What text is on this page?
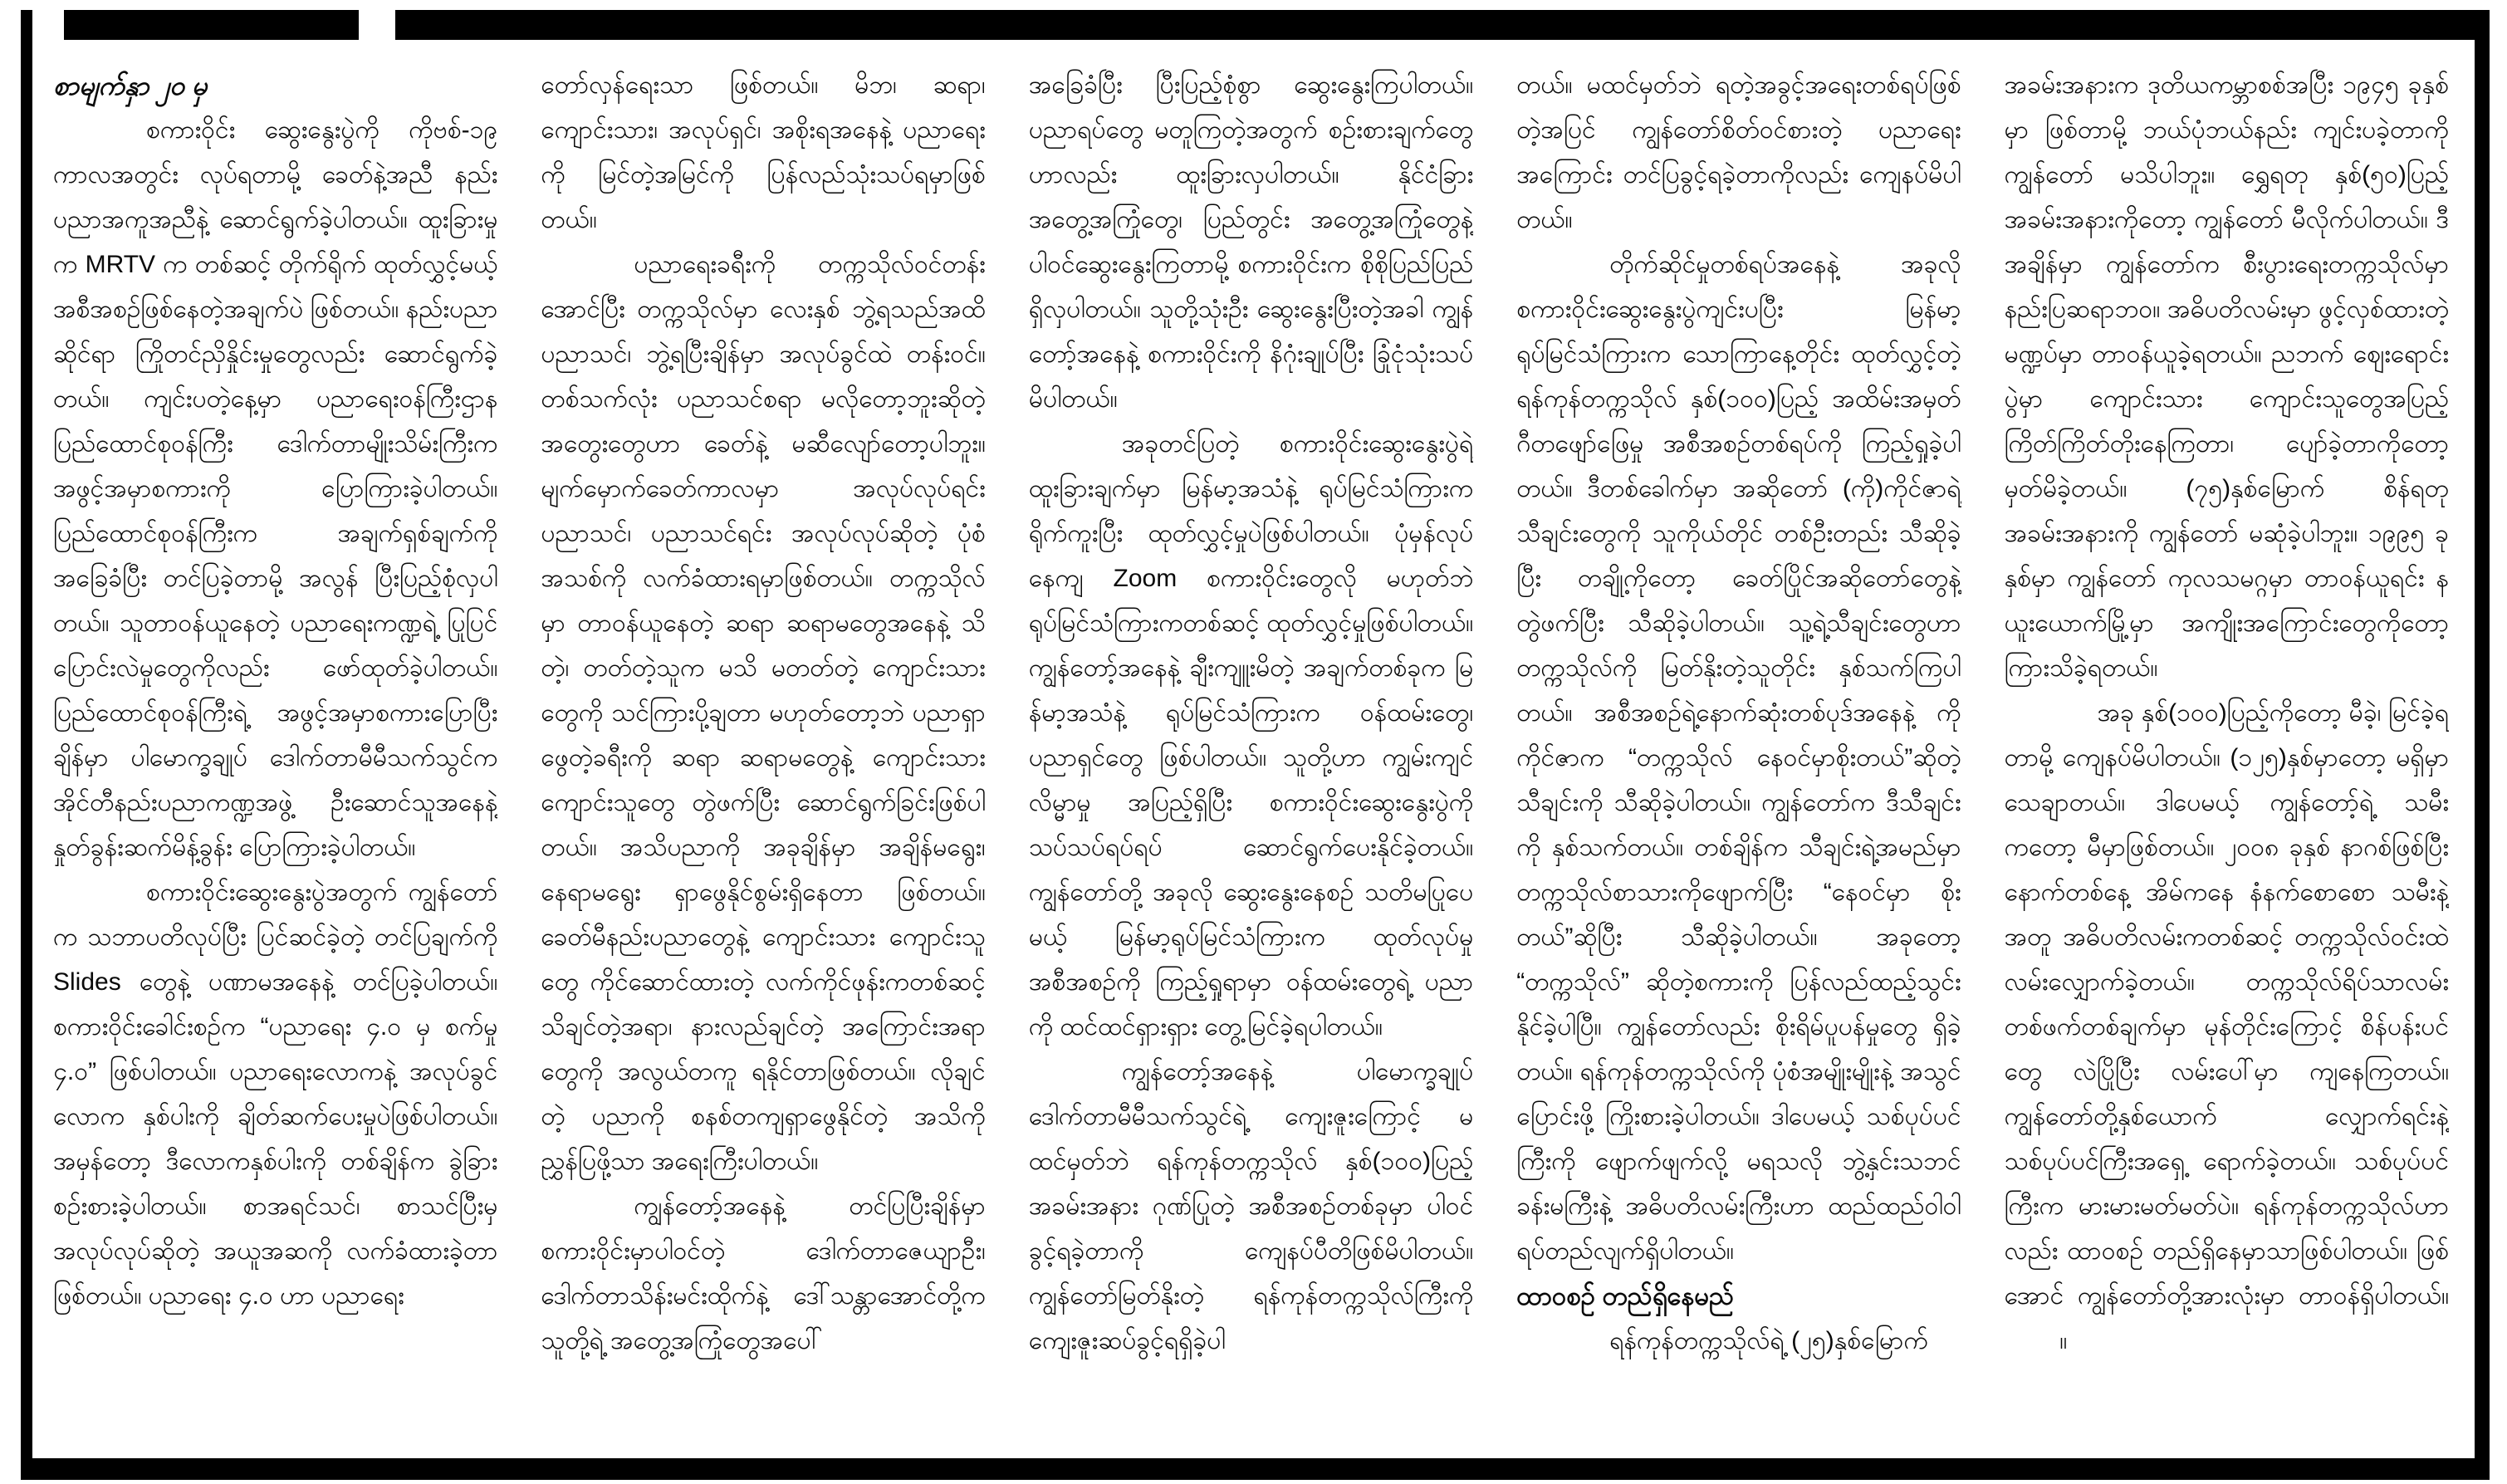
စာမျက်နှာ ၂၀ မှ

စကားဝိုင်း ဆွေးနွေးပွဲကို ကိုဗစ်-၁၉ ကာလအတွင်း လုပ်ရတာမို့ ခေတ်နဲ့အညီ နည်းပညာအကူအညီနဲ့ ဆောင်ရွက်ခဲ့ပါတယ်။ ထူးခြားမှုက MRTV က တစ်ဆင့် တိုက်ရိုက် ထုတ်လွှင့်မယ့် အစီအစဉ်ဖြစ်နေတဲ့အချက်ပဲ ဖြစ်တယ်။ နည်းပညာဆိုင်ရာ ကြိုတင်ညှိနှိုင်းမှုတွေလည်း ဆောင်ရွက်ခဲ့တယ်။ ကျင်းပတဲ့နေ့မှာ ပညာရေးဝန်ကြီးဌာန ပြည်ထောင်စုဝန်ကြီး ဒေါက်တာမျိုးသိမ်းကြီးက အဖွင့်အမှာစကားကို ပြောကြားခဲ့ပါတယ်။ ပြည်ထောင်စုဝန်ကြီးက အချက်ရှစ်ချက်ကို အခြေခံပြီး တင်ပြခဲ့တာမို့ အလွန် ပြီးပြည့်စုံလှပါတယ်။ သူတာဝန်ယူနေတဲ့ ပညာရေးကဏ္ဍရဲ့ ပြုပြင်ပြောင်းလဲမှုတွေကိုလည်း ဖော်ထုတ်ခဲ့ပါတယ်။ ပြည်ထောင်စုဝန်ကြီးရဲ့ အဖွင့်အမှာစကားပြောပြီးချိန်မှာ ပါမောက္ခချုပ် ဒေါက်တာမီမီသက်သွင်က အိုင်တီနည်းပညာကဏ္ဍအဖွဲ့ ဦးဆောင်သူအနေနဲ့ နှုတ်ခွန်းဆက်မိန့်ခွန်း ပြောကြားခဲ့ပါတယ်။

စကားဝိုင်းဆွေးနွေးပွဲအတွက် ကျွန်တော်က သဘာပတိလုပ်ပြီး ပြင်ဆင်ခဲ့တဲ့ တင်ပြချက်ကို Slides တွေနဲ့ ပဏာမအနေနဲ့ တင်ပြခဲ့ပါတယ်။ စကားဝိုင်းခေါင်းစဉ်က “ပညာရေး ၄.၀ မှ စက်မှု ၄.၀” ဖြစ်ပါတယ်။ ပညာရေးလောကနဲ့ အလုပ်ခွင်လောက နှစ်ပါးကို ချိတ်ဆက်ပေးမှုပဲဖြစ်ပါတယ်။ အမှန်တော့ ဒီလောကနှစ်ပါးကို တစ်ချိန်က ခွဲခြားစဉ်းစားခဲ့ပါတယ်။ စာအရင်သင်၊ စာသင်ပြီးမှအလုပ်လုပ်ဆိုတဲ့ အယူအဆကို လက်ခံထားခဲ့တာ ဖြစ်တယ်။ ပညာရေး ၄.၀ ဟာ ပညာရေး

တော်လှန်ရေးသာ ဖြစ်တယ်။ မိဘ၊ ဆရာ၊ ကျောင်းသား၊ အလုပ်ရှင်၊ အစိုးရအနေနဲ့ ပညာရေးကို မြင်တဲ့အမြင်ကို ပြန်လည်သုံးသပ်ရမှာဖြစ်တယ်။

ပညာရေးခရီးကို တက္ကသိုလ်ဝင်တန်းအောင်ပြီး တက္ကသိုလ်မှာ လေးနှစ် ဘွဲ့ရသည်အထိ ပညာသင်၊ ဘွဲ့ရပြီးချိန်မှာ အလုပ်ခွင်ထဲ တန်းဝင်။ တစ်သက်လုံး ပညာသင်စရာ မလိုတော့ဘူးဆိုတဲ့ အတွေးတွေဟာ ခေတ်နဲ့ မဆီလျော်တော့ပါဘူး။ မျက်မှောက်ခေတ်ကာလမှာ အလုပ်လုပ်ရင်း ပညာသင်၊ ပညာသင်ရင်း အလုပ်လုပ်ဆိုတဲ့ ပုံစံအသစ်ကို လက်ခံထားရမှာဖြစ်တယ်။ တက္ကသိုလ်မှာ တာဝန်ယူနေတဲ့ ဆရာ ဆရာမတွေအနေနဲ့ သိတဲ့၊ တတ်တဲ့သူက မသိ မတတ်တဲ့ ကျောင်းသားတွေကို သင်ကြားပို့ချတာ မဟုတ်တော့ဘဲ ပညာရှာဖွေတဲ့ခရီးကို ဆရာ ဆရာမတွေနဲ့ ကျောင်းသား ကျောင်းသူတွေ တွဲဖက်ပြီး ဆောင်ရွက်ခြင်းဖြစ်ပါတယ်။ အသိပညာကို အခုချိန်မှာ အချိန်မရွေး၊ နေရာမရွေး ရှာဖွေနိုင်စွမ်းရှိနေတာ ဖြစ်တယ်။ ခေတ်မီနည်းပညာတွေနဲ့ ကျောင်းသား ကျောင်းသူတွေ ကိုင်ဆောင်ထားတဲ့ လက်ကိုင်ဖုန်းကတစ်ဆင့် သိချင်တဲ့အရာ၊ နားလည်ချင်တဲ့ အကြောင်းအရာတွေကို အလွယ်တကူ ရနိုင်တာဖြစ်တယ်။ လိုချင်တဲ့ ပညာကို စနစ်တကျရှာဖွေနိုင်တဲ့ အသိကို ညွှန်ပြဖို့သာ အရေးကြီးပါတယ်။

ကျွန်တော့်အနေနဲ့ တင်ပြပြီးချိန်မှာ စကားဝိုင်းမှာပါဝင်တဲ့ ဒေါက်တာဇေယျာဦး၊ ဒေါက်တာသိန်းမင်းထိုက်နဲ့ ဒေါ်သန္တာအောင်တို့က သူတို့ရဲ့ အတွေ့အကြုံတွေအပေါ်

အခြေခံပြီး ပြီးပြည့်စုံစွာ ဆွေးနွေးကြပါတယ်။ ပညာရပ်တွေ မတူကြတဲ့အတွက် စဉ်းစားချက်တွေဟာလည်း ထူးခြားလှပါတယ်။ နိုင်ငံခြားအတွေ့အကြုံတွေ၊ ပြည်တွင်း အတွေ့အကြုံတွေနဲ့ ပါဝင်ဆွေးနွေးကြတာမို့ စကားဝိုင်းက စိုစိုပြည်ပြည်ရှိလှပါတယ်။ သူတို့သုံးဦး ဆွေးနွေးပြီးတဲ့အခါ ကျွန်တော့်အနေနဲ့ စကားဝိုင်းကို နိဂုံးချုပ်ပြီး ခြုံငုံသုံးသပ်မိပါတယ်။

အခုတင်ပြတဲ့ စကားဝိုင်းဆွေးနွေးပွဲရဲ့ ထူးခြားချက်မှာ မြန်မာ့အသံနဲ့ ရုပ်မြင်သံကြားက ရိုက်ကူးပြီး ထုတ်လွှင့်မှုပဲဖြစ်ပါတယ်။ ပုံမှန်လုပ်နေကျ Zoom စကားဝိုင်းတွေလို မဟုတ်ဘဲ ရုပ်မြင်သံကြားကတစ်ဆင့် ထုတ်လွှင့်မှုဖြစ်ပါတယ်။ ကျွန်တော့်အနေနဲ့ ချီးကျူးမိတဲ့ အချက်တစ်ခုက မြန်မာ့အသံနဲ့ ရုပ်မြင်သံကြားက ဝန်ထမ်းတွေ၊ ပညာရှင်တွေ ဖြစ်ပါတယ်။ သူတို့ဟာ ကျွမ်းကျင်လိမ္မာမှု အပြည့်ရှိပြီး စကားဝိုင်းဆွေးနွေးပွဲကို သပ်သပ်ရပ်ရပ် ဆောင်ရွက်ပေးနိုင်ခဲ့တယ်။ ကျွန်တော်တို့ အခုလို ဆွေးနွေးနေစဉ် သတိမပြုပေမယ့် မြန်မာ့ရုပ်မြင်သံကြားက ထုတ်လုပ်မှုအစီအစဉ်ကို ကြည့်ရှုရာမှာ ဝန်ထမ်းတွေရဲ့ ပညာကို ထင်ထင်ရှားရှား တွေ့မြင်ခဲ့ရပါတယ်။

ကျွန်တော့်အနေနဲ့ ပါမောက္ခချုပ် ဒေါက်တာမီမီသက်သွင်ရဲ့ ကျေးဇူးကြောင့် မထင်မှတ်ဘဲ ရန်ကုန်တက္ကသိုလ် နှစ်(၁၀၀)ပြည့် အခမ်းအနား ဂုဏ်ပြုတဲ့ အစီအစဉ်တစ်ခုမှာ ပါဝင်ခွင့်ရခဲ့တာကို ကျေနပ်ပီတိဖြစ်မိပါတယ်။ ကျွန်တော်မြတ်နိုးတဲ့ ရန်ကုန်တက္ကသိုလ်ကြီးကို ကျေးဇူးဆပ်ခွင့်ရရှိခဲ့ပါ

တယ်။ မထင်မှတ်ဘဲ ရတဲ့အခွင့်အရေးတစ်ရပ်ဖြစ်တဲ့အပြင် ကျွန်တော်စိတ်ဝင်စားတဲ့ ပညာရေးအကြောင်း တင်ပြခွင့်ရခဲ့တာကိုလည်း ကျေနပ်မိပါတယ်။

တိုက်ဆိုင်မှုတစ်ရပ်အနေနဲ့ အခုလို စကားဝိုင်းဆွေးနွေးပွဲကျင်းပပြီး မြန်မာ့ရုပ်မြင်သံကြားက သောကြာနေ့တိုင်း ထုတ်လွှင့်တဲ့ ရန်ကုန်တက္ကသိုလ် နှစ်(၁၀၀)ပြည့် အထိမ်းအမှတ် ဂီတဖျော်ဖြေမှု အစီအစဉ်တစ်ရပ်ကို ကြည့်ရှုခဲ့ပါတယ်။ ဒီတစ်ခေါက်မှာ အဆိုတော် (ကို)ကိုင်ဇာရဲ့ သီချင်းတွေကို သူကိုယ်တိုင် တစ်ဦးတည်း သီဆိုခဲ့ပြီး တချို့ကိုတော့ ခေတ်ပြိုင်အဆိုတော်တွေနဲ့ တွဲဖက်ပြီး သီဆိုခဲ့ပါတယ်။ သူ့ရဲ့သီချင်းတွေဟာ တက္ကသိုလ်ကို မြတ်နိုးတဲ့သူတိုင်း နှစ်သက်ကြပါတယ်။ အစီအစဉ်ရဲ့နောက်ဆုံးတစ်ပုဒ်အနေနဲ့ ကိုကိုင်ဇာက “တက္ကသိုလ် နေဝင်မှာစိုးတယ်”ဆိုတဲ့ သီချင်းကို သီဆိုခဲ့ပါတယ်။ ကျွန်တော်က ဒီသီချင်းကို နှစ်သက်တယ်။ တစ်ချိန်က သီချင်းရဲ့အမည်မှာ တက္ကသိုလ်စာသားကိုဖျောက်ပြီး “နေဝင်မှာ စိုးတယ်”ဆိုပြီး သီဆိုခဲ့ပါတယ်။ အခုတော့ “တက္ကသိုလ်” ဆိုတဲ့စကားကို ပြန်လည်ထည့်သွင်းနိုင်ခဲ့ပါပြီ။ ကျွန်တော်လည်း စိုးရိမ်ပူပန်မှုတွေ ရှိခဲ့တယ်။ ရန်ကုန်တက္ကသိုလ်ကို ပုံစံအမျိုးမျိုးနဲ့ အသွင်ပြောင်းဖို့ ကြိုးစားခဲ့ပါတယ်။ ဒါပေမယ့် သစ်ပုပ်ပင်ကြီးကို ဖျောက်ဖျက်လို့ မရသလို ဘွဲ့နှင်းသဘင် ခန်းမကြီးနဲ့ အဓိပတိလမ်းကြီးဟာ ထည်ထည်ဝါဝါ ရပ်တည်လျက်ရှိပါတယ်။

ထာဝစဉ် တည်ရှိနေမည်

ရန်ကုန်တက္ကသိုလ်ရဲ့ (၂၅)နှစ်မြောက်

အခမ်းအနားက ဒုတိယကမ္ဘာစစ်အပြီး ၁၉၄၅ ခုနှစ်မှာ ဖြစ်တာမို့ ဘယ်ပုံဘယ်နည်း ကျင်းပခဲ့တာကို ကျွန်တော် မသိပါဘူး။ ရွှေရတု နှစ်(၅၀)ပြည့် အခမ်းအနားကိုတော့ ကျွန်တော် မီလိုက်ပါတယ်။ ဒီအချိန်မှာ ကျွန်တော်က စီးပွားရေးတက္ကသိုလ်မှာ နည်းပြဆရာဘဝ။ အဓိပတိလမ်းမှာ ဖွင့်လှစ်ထားတဲ့ မဏ္ဍပ်မှာ တာဝန်ယူခဲ့ရတယ်။ ညဘက် ဈေးရောင်းပွဲမှာ ကျောင်းသား ကျောင်းသူတွေအပြည့် ကြိတ်ကြိတ်တိုးနေကြတာ၊ ပျော်ခဲ့တာကိုတော့ မှတ်မိခဲ့တယ်။ (၇၅)နှစ်မြောက် စိန်ရတုအခမ်းအနားကို ကျွန်တော် မဆုံခဲ့ပါဘူး။ ၁၉၉၅ ခုနှစ်မှာ ကျွန်တော် ကုလသမဂ္ဂမှာ တာဝန်ယူရင်း နယူးယောက်မြို့မှာ အကျိုးအကြောင်းတွေကိုတော့ ကြားသိခဲ့ရတယ်။

အခု နှစ်(၁၀၀)ပြည့်ကိုတော့ မီခဲ့၊ မြင်ခဲ့ရတာမို့ ကျေနပ်မိပါတယ်။ (၁၂၅)နှစ်မှာတော့ မရှိမှာ သေချာတယ်။ ဒါပေမယ့် ကျွန်တော့်ရဲ့ သမီးကတော့ မီမှာဖြစ်တယ်။ ၂၀၀၈ ခုနှစ် နာဂစ်ဖြစ်ပြီးနောက်တစ်နေ့ အိမ်ကနေ နံနက်စောစော သမီးနဲ့အတူ အဓိပတိလမ်းကတစ်ဆင့် တက္ကသိုလ်ဝင်းထဲ လမ်းလျှောက်ခဲ့တယ်။ တက္ကသိုလ်ရိပ်သာလမ်း တစ်ဖက်တစ်ချက်မှာ မုန်တိုင်းကြောင့် စိန်ပန်းပင်တွေ လဲပြိုပြီး လမ်းပေါ်မှာ ကျနေကြတယ်။ ကျွန်တော်တို့နှစ်ယောက် လျှောက်ရင်းနဲ့ သစ်ပုပ်ပင်ကြီးအရှေ့ ရောက်ခဲ့တယ်။ သစ်ပုပ်ပင်ကြီးက မားမားမတ်မတ်ပဲ။ ရန်ကုန်တက္ကသိုလ်ဟာလည်း ထာဝစဉ် တည်ရှိနေမှာသာဖြစ်ပါတယ်။ ဖြစ်အောင် ကျွန်တော်တို့အားလုံးမှာ တာဝန်ရှိပါတယ်။        ။
